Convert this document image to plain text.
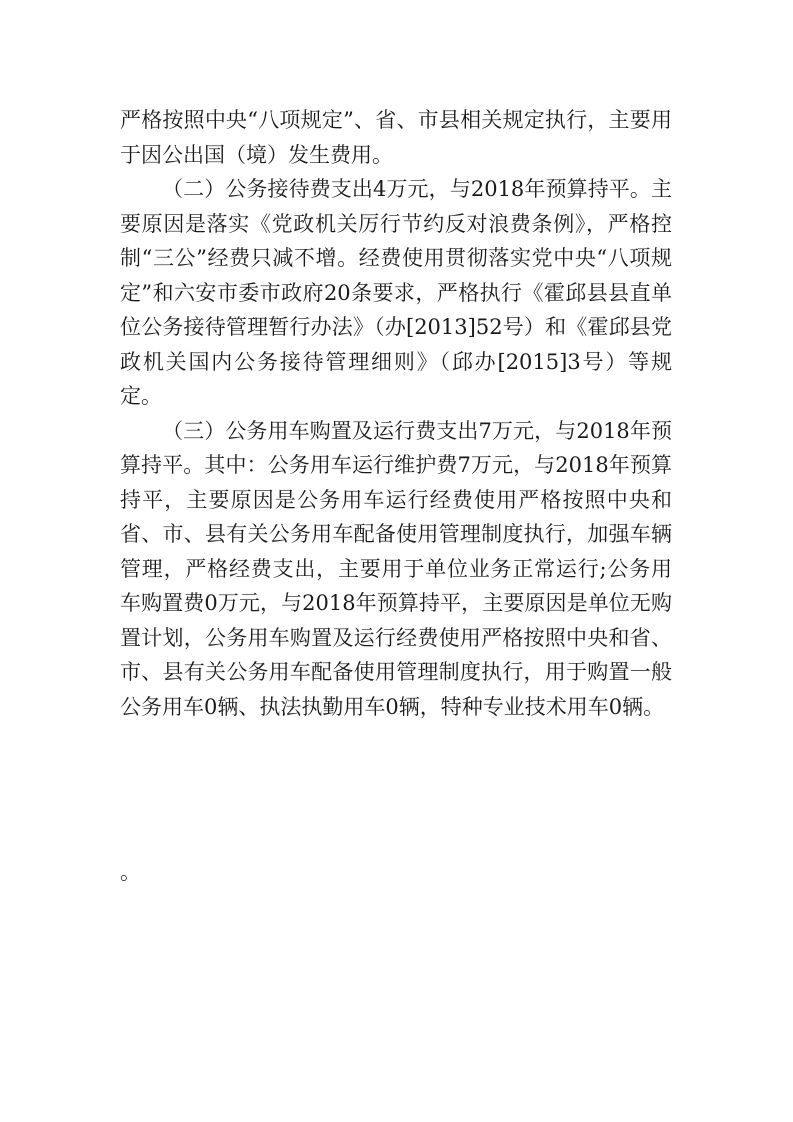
严格按照中央“八项规定”、省、市县相关规定执行，主要用于因公出国（境）发生费用。

（二）公务接待费支出4万元，与2018年预算持平。主要原因是落实《党政机关厉行节约反对浪费条例》，严格控制“三公”经费只减不增。经费使用贯彻落实党中央“八项规定”和六安市委市政府20条要求，严格执行《霍邱县县直单位公务接待管理暂行办法》（办[2013]52号）和《霍邱县党政机关国内公务接待管理细则》（邱办[2015]3号）等规定。

（三）公务用车购置及运行费支出7万元，与2018年预算持平。其中：公务用车运行维护费7万元，与2018年预算持平，主要原因是公务用车运行经费使用严格按照中央和省、市、县有关公务用车配备使用管理制度执行，加强车辆管理，严格经费支出，主要用于单位业务正常运行;公务用车购置费0万元，与2018年预算持平，主要原因是单位无购置计划，公务用车购置及运行经费使用严格按照中央和省、市、县有关公务用车配备使用管理制度执行，用于购置一般公务用车0辆、执法执勤用车0辆，特种专业技术用车0辆。

。
